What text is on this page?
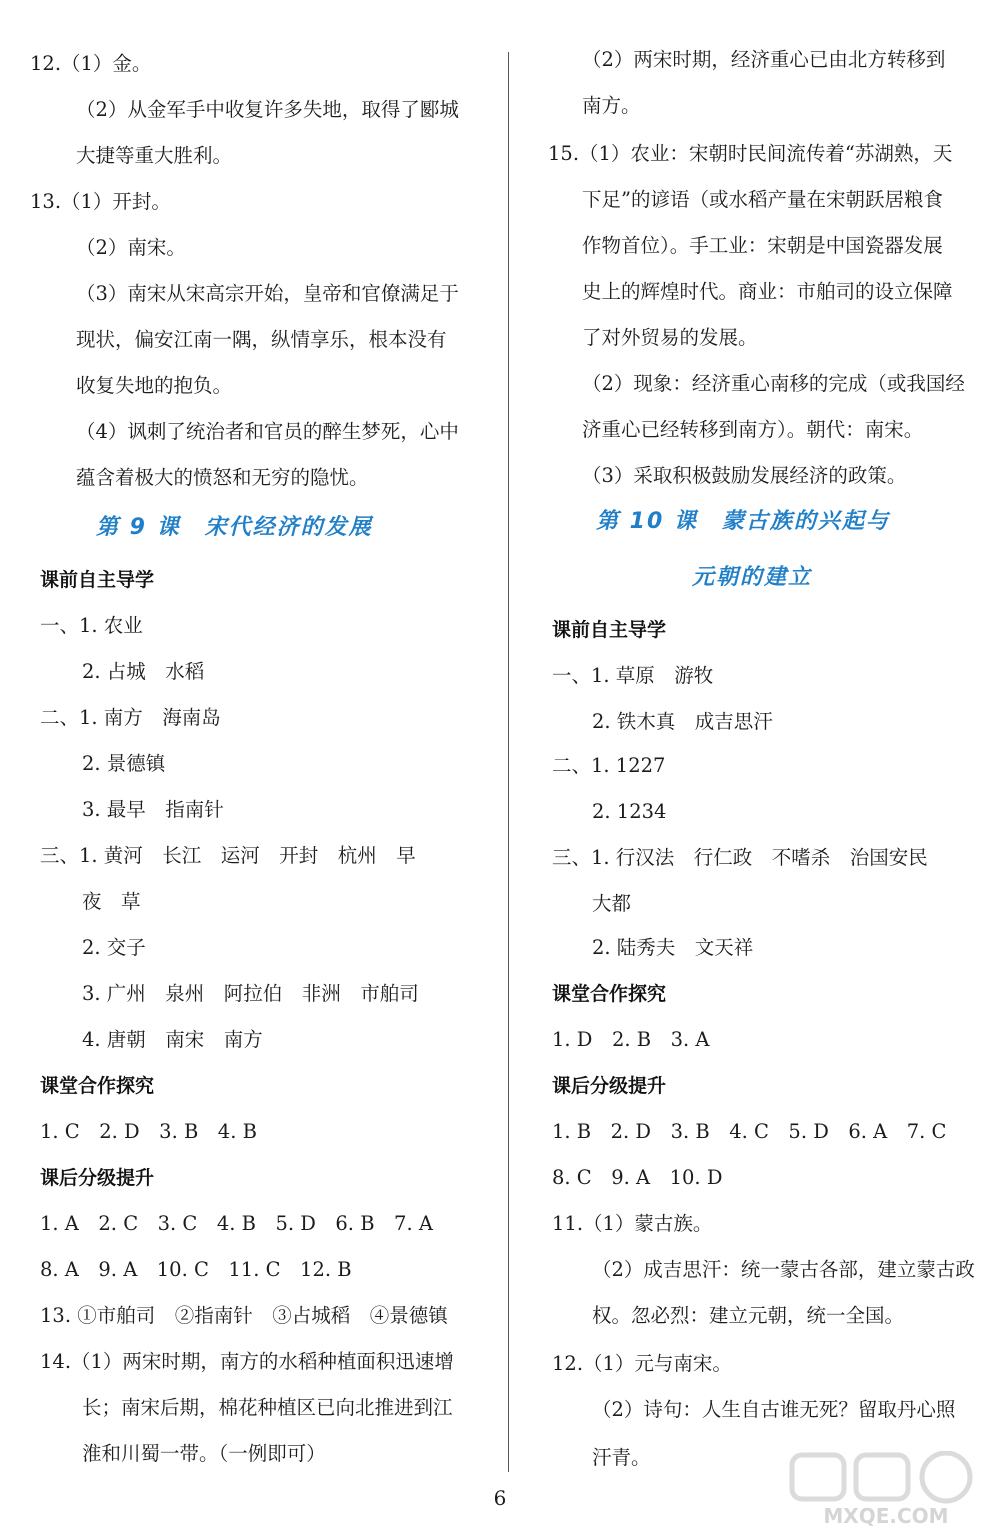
12.（1）金。
（2）从金军手中收复许多失地，取得了郾城
大捷等重大胜利。
13.（1）开封。
（2）南宋。
（3）南宋从宋高宗开始，皇帝和官僚满足于
现状，偏安江南一隅，纵情享乐，根本没有
收复失地的抱负。
（4）讽刺了统治者和官员的醉生梦死，心中
蕴含着极大的愤怒和无穷的隐忧。
第 9 课　宋代经济的发展
课前自主导学
一、1. 农业
2. 占城　水稻
二、1. 南方　海南岛
2. 景德镇
3. 最早　指南针
三、1. 黄河　长江　运河　开封　杭州　早
夜　草
2. 交子
3. 广州　泉州　阿拉伯　非洲　市舶司
4. 唐朝　南宋　南方
课堂合作探究
1. C　2. D　3. B　4. B
课后分级提升
1. A　2. C　3. C　4. B　5. D　6. B　7. A
8. A　9. A　10. C　11. C　12. B
13. ①市舶司　②指南针　③占城稻　④景德镇
14.（1）两宋时期，南方的水稻种植面积迅速增
长；南宋后期，棉花种植区已向北推进到江
淮和川蜀一带。（一例即可）
（2）两宋时期，经济重心已由北方转移到
南方。
15.（1）农业：宋朝时民间流传着“苏湖熟，天
下足”的谚语（或水稻产量在宋朝跃居粮食
作物首位）。手工业：宋朝是中国瓷器发展
史上的辉煌时代。商业：市舶司的设立保障
了对外贸易的发展。
（2）现象：经济重心南移的完成（或我国经
济重心已经转移到南方）。朝代：南宋。
（3）采取积极鼓励发展经济的政策。
第 10 课　蒙古族的兴起与
元朝的建立
课前自主导学
一、1. 草原　游牧
2. 铁木真　成吉思汗
二、1. 1227
2. 1234
三、1. 行汉法　行仁政　不嗜杀　治国安民
大都
2. 陆秀夫　文天祥
课堂合作探究
1. D　2. B　3. A
课后分级提升
1. B　2. D　3. B　4. C　5. D　6. A　7. C
8. C　9. A　10. D
11.（1）蒙古族。
（2）成吉思汗：统一蒙古各部，建立蒙古政
权。忽必烈：建立元朝，统一全国。
12.（1）元与南宋。
（2）诗句：人生自古谁无死？留取丹心照
汗青。
6
MXQE.COM
